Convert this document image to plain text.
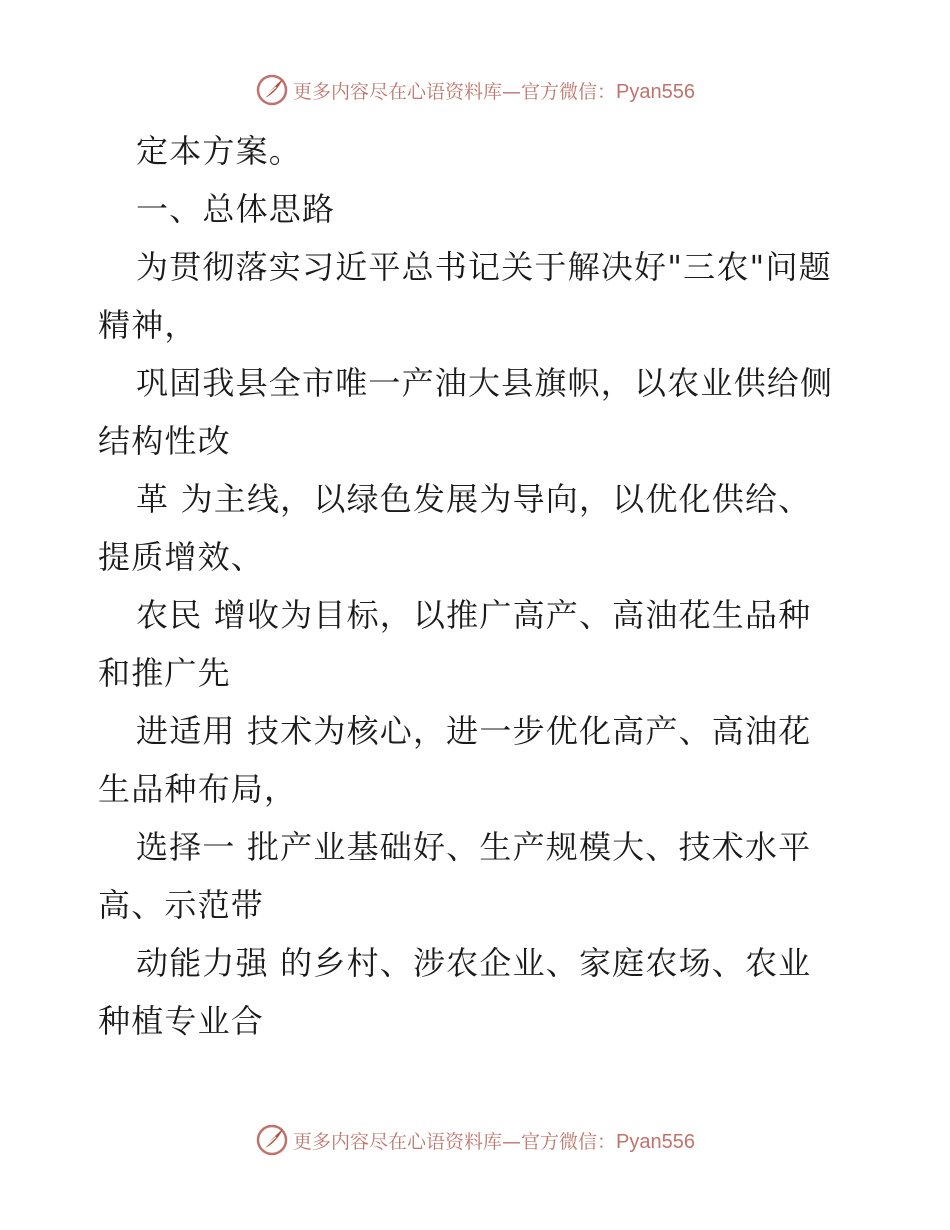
更多内容尽在心语资料库—官方微信：Pyan556

定本方案。

一、总体思路

为贯彻落实习近平总书记关于解决好"三农"问题
精神，

巩固我县全市唯一产油大县旗帜，以农业供给侧
结构性改

革 为主线，以绿色发展为导向，以优化供给、
提质增效、

农民 增收为目标，以推广高产、高油花生品种
和推广先

进适用 技术为核心，进一步优化高产、高油花
生品种布局，

选择一 批产业基础好、生产规模大、技术水平
高、示范带

动能力强 的乡村、涉农企业、家庭农场、农业
种植专业合

更多内容尽在心语资料库—官方微信：Pyan556
